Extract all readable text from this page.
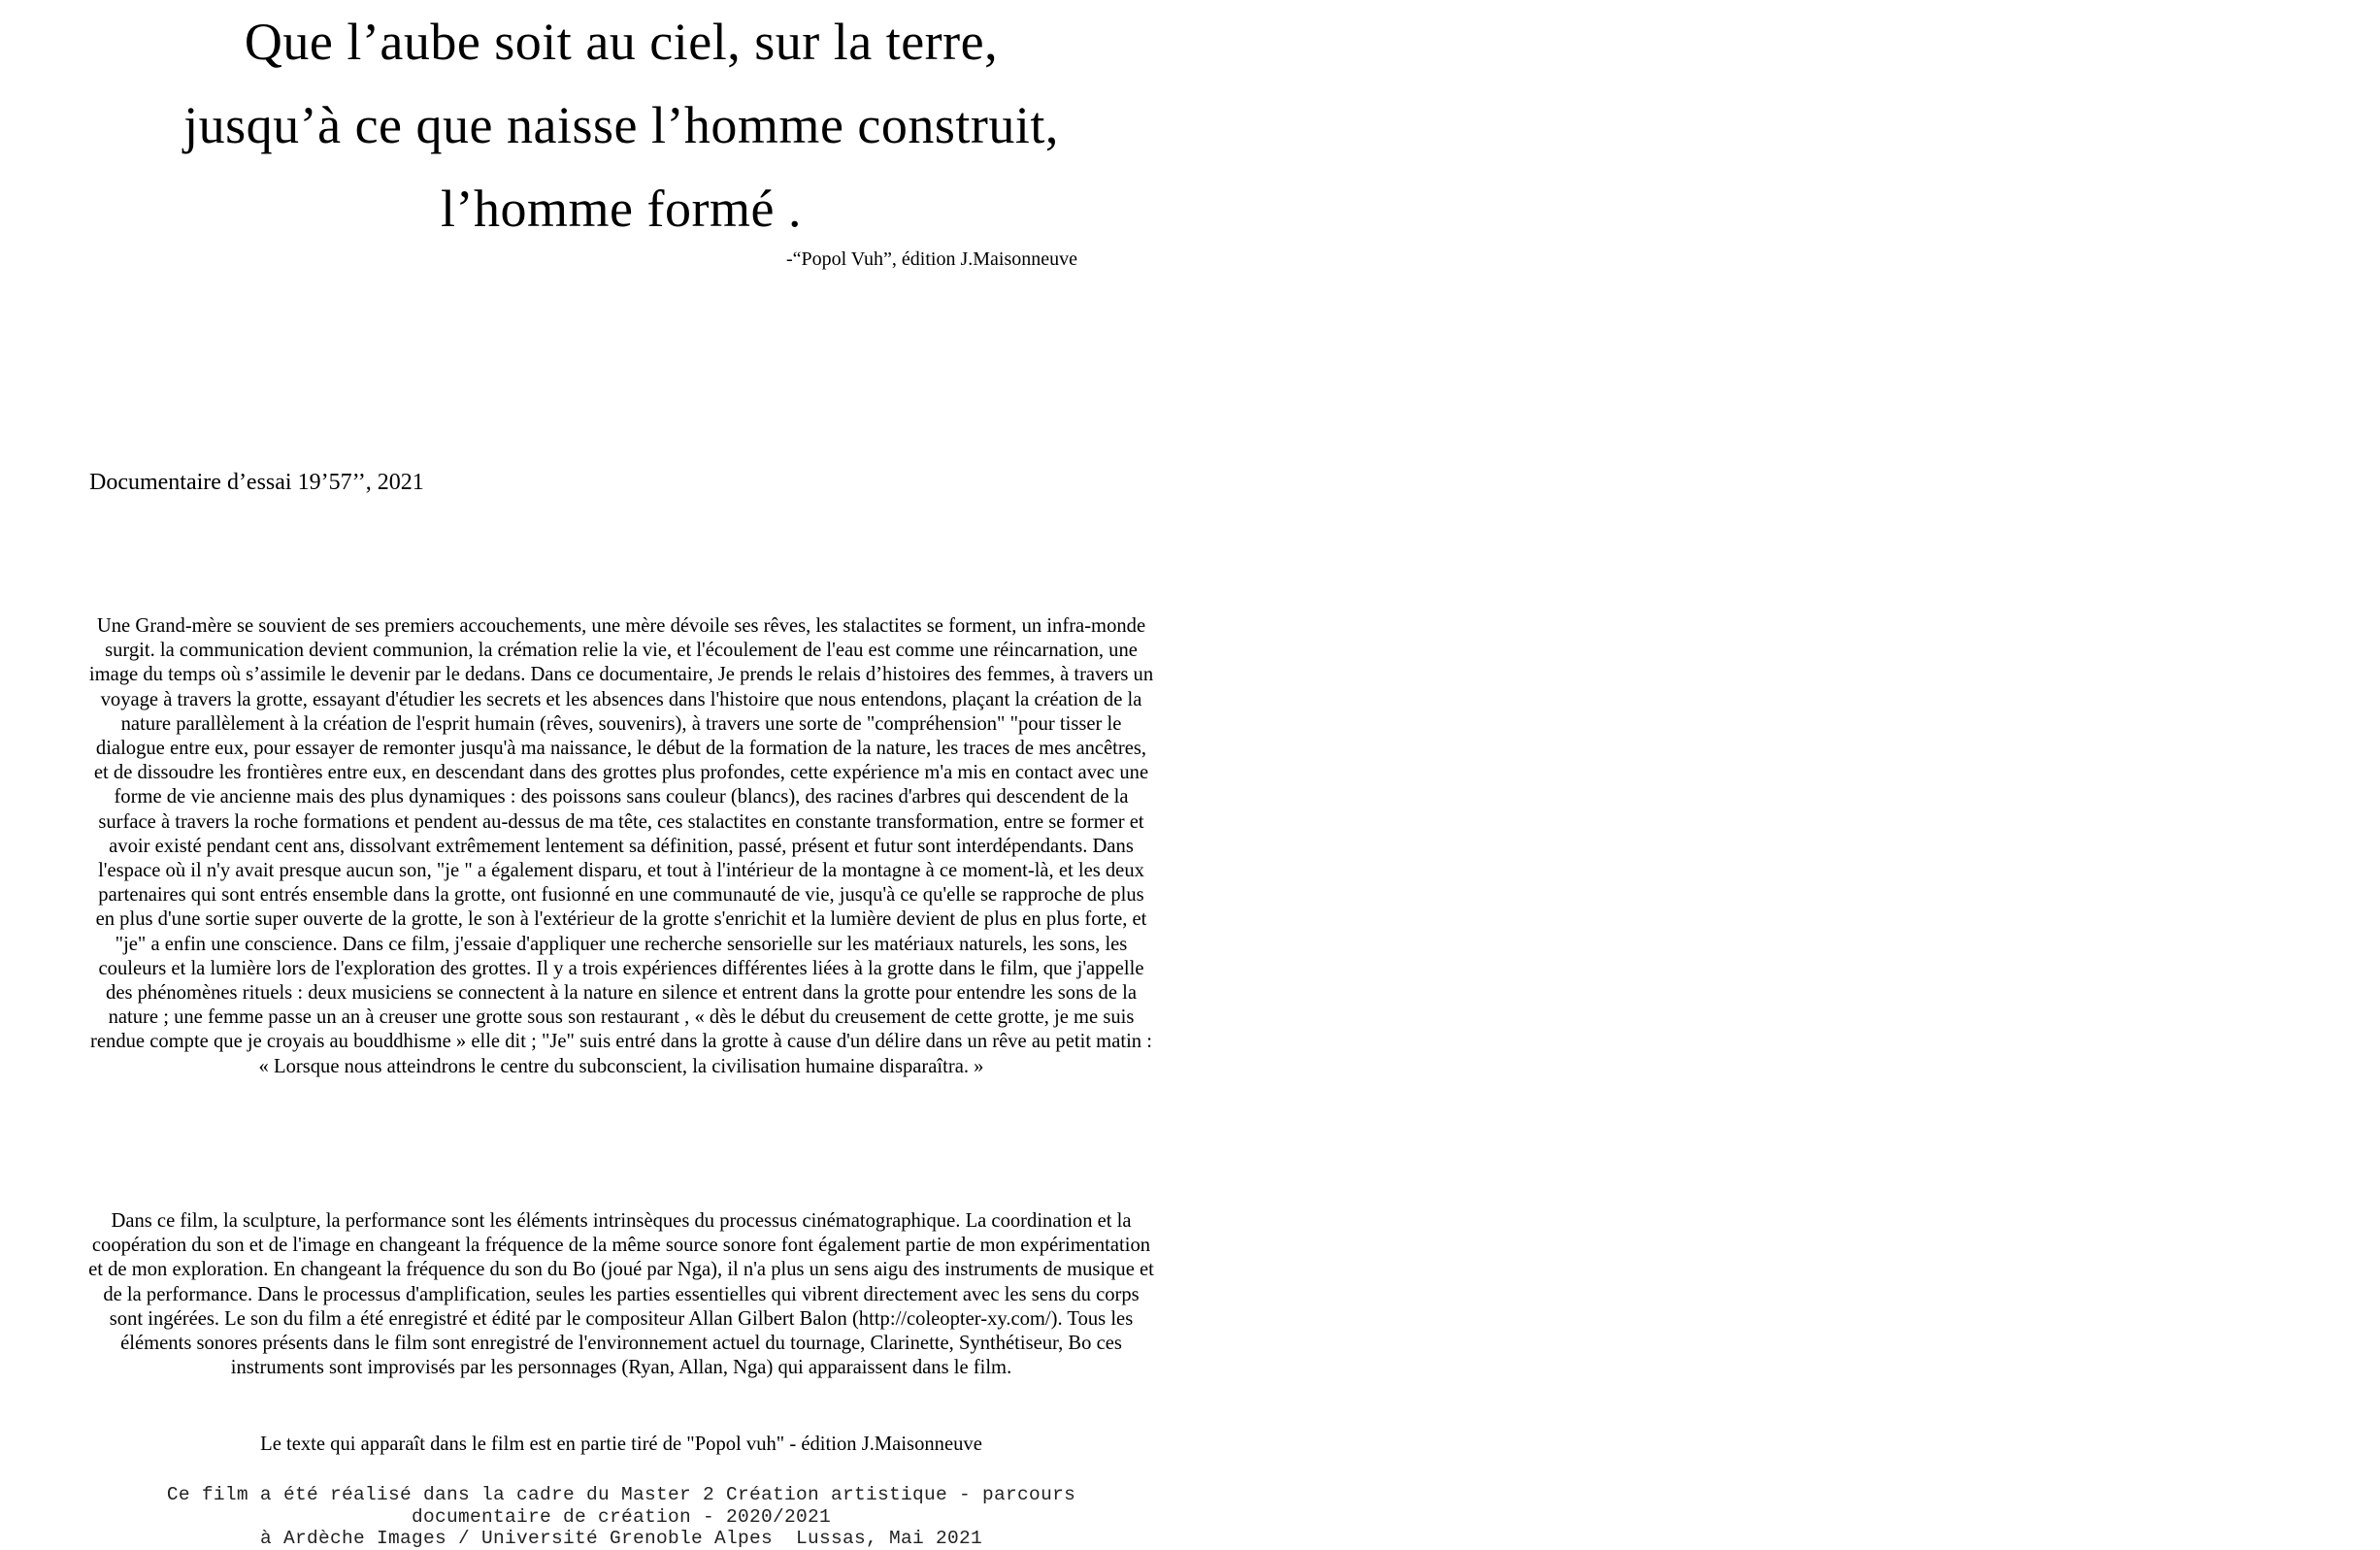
Que l’aube soit au ciel, sur la terre,
jusqu’à ce que naisse l’homme construit,
l’homme formé .
-“Popol Vuh”, édition J.Maisonneuve
Documentaire d’essai 19’57’’, 2021
Une Grand-mère se souvient de ses premiers accouchements, une mère dévoile ses rêves, les stalactites se forment, un infra-monde surgit. la communication devient communion, la crémation relie la vie, et l'écoulement de l'eau est comme une réincarnation, une image du temps où s’assimile le devenir par le dedans. Dans ce documentaire, Je prends le relais d’histoires des femmes, à travers un voyage à travers la grotte, essayant d'étudier les secrets et les absences dans l'histoire que nous entendons, plaçant la création de la nature parallèlement à la création de l'esprit humain (rêves, souvenirs), à travers une sorte de "compréhension" "pour tisser le dialogue entre eux, pour essayer de remonter jusqu'à ma naissance, le début de la formation de la nature, les traces de mes ancêtres, et de dissoudre les frontières entre eux, en descendant dans des grottes plus profondes, cette expérience m'a mis en contact avec une forme de vie ancienne mais des plus dynamiques : des poissons sans couleur (blancs), des racines d'arbres qui descendent de la surface à travers la roche formations et pendent au-dessus de ma tête, ces stalactites en constante transformation, entre se former et avoir existé pendant cent ans, dissolvant extrêmement lentement sa définition, passé, présent et futur sont interdépendants. Dans l'espace où il n'y avait presque aucun son, "je " a également disparu, et tout à l'intérieur de la montagne à ce moment-là, et les deux partenaires qui sont entrés ensemble dans la grotte, ont fusionné en une communauté de vie, jusqu'à ce qu'elle se rapproche de plus en plus d'une sortie super ouverte de la grotte, le son à l'extérieur de la grotte s'enrichit et la lumière devient de plus en plus forte, et "je" a enfin une conscience. Dans ce film, j'essaie d'appliquer une recherche sensorielle sur les matériaux naturels, les sons, les couleurs et la lumière lors de l'exploration des grottes. Il y a trois expériences différentes liées à la grotte dans le film, que j'appelle des phénomènes rituels : deux musiciens se connectent à la nature en silence et entrent dans la grotte pour entendre les sons de la nature ; une femme passe un an à creuser une grotte sous son restaurant , « dès le début du creusement de cette grotte, je me suis rendue compte que je croyais au bouddhisme » elle dit ; "Je" suis entré dans la grotte à cause d'un délire dans un rêve au petit matin : « Lorsque nous atteindrons le centre du subconscient, la civilisation humaine disparaîtra. »
Dans ce film, la sculpture, la performance sont les éléments intrinsèques du processus cinématographique. La coordination et la coopération du son et de l'image en changeant la fréquence de la même source sonore font également partie de mon expérimentation et de mon exploration. En changeant la fréquence du son du Bo (joué par Nga), il n'a plus un sens aigu des instruments de musique et de la performance. Dans le processus d'amplification, seules les parties essentielles qui vibrent directement avec les sens du corps sont ingérées. Le son du film a été enregistré et édité par le compositeur Allan Gilbert Balon (http://coleopter-xy.com/). Tous les éléments sonores présents dans le film sont enregistré de l'environnement actuel du tournage, Clarinette, Synthétiseur, Bo ces instruments sont improvisés par les personnages (Ryan, Allan, Nga) qui apparaissent dans le film.
Le texte qui apparaît dans le film est en partie tiré de "Popol vuh" - édition J.Maisonneuve
Ce film a été réalisé dans la cadre du Master 2 Création artistique - parcours
documentaire de création - 2020/2021
à Ardèche Images / Université Grenoble Alpes  Lussas, Mai 2021
